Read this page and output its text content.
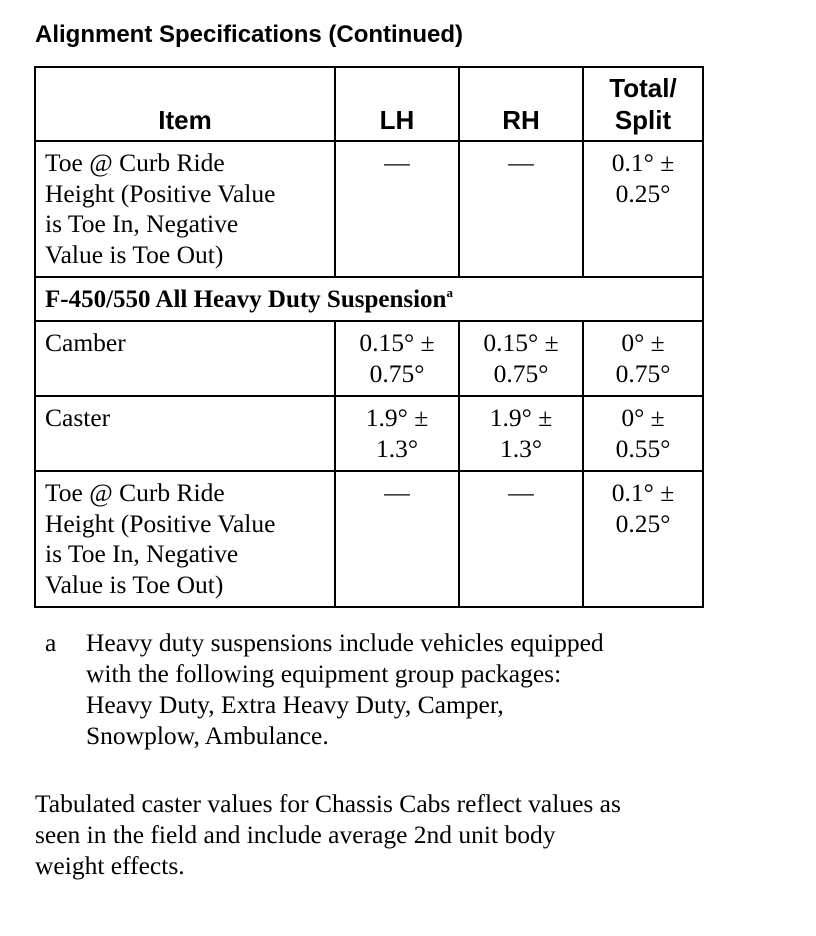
Alignment Specifications (Continued)
Item	LH	RH	Total/
Split

Toe @ Curb Ride
Height (Positive Value
is Toe In, Negative
Value is Toe Out)	—	—	0.1° ±
0.25°

F-450/550 All Heavy Duty Suspension$^a$

Camber	0.15° ±
0.75°	0.15° ±
0.75°	0° ±
0.75°

Caster	1.9° ±
1.3°	1.9° ±
1.3°	0° ±
0.55°

Toe @ Curb Ride
Height (Positive Value
is Toe In, Negative
Value is Toe Out)	—	—	0.1° ±
0.25°
a Heavy duty suspensions include vehicles equipped
with the following equipment group packages:
Heavy Duty, Extra Heavy Duty, Camper,
Snowplow, Ambulance.
Tabulated caster values for Chassis Cabs reflect values as
seen in the field and include average 2nd unit body
weight effects.
